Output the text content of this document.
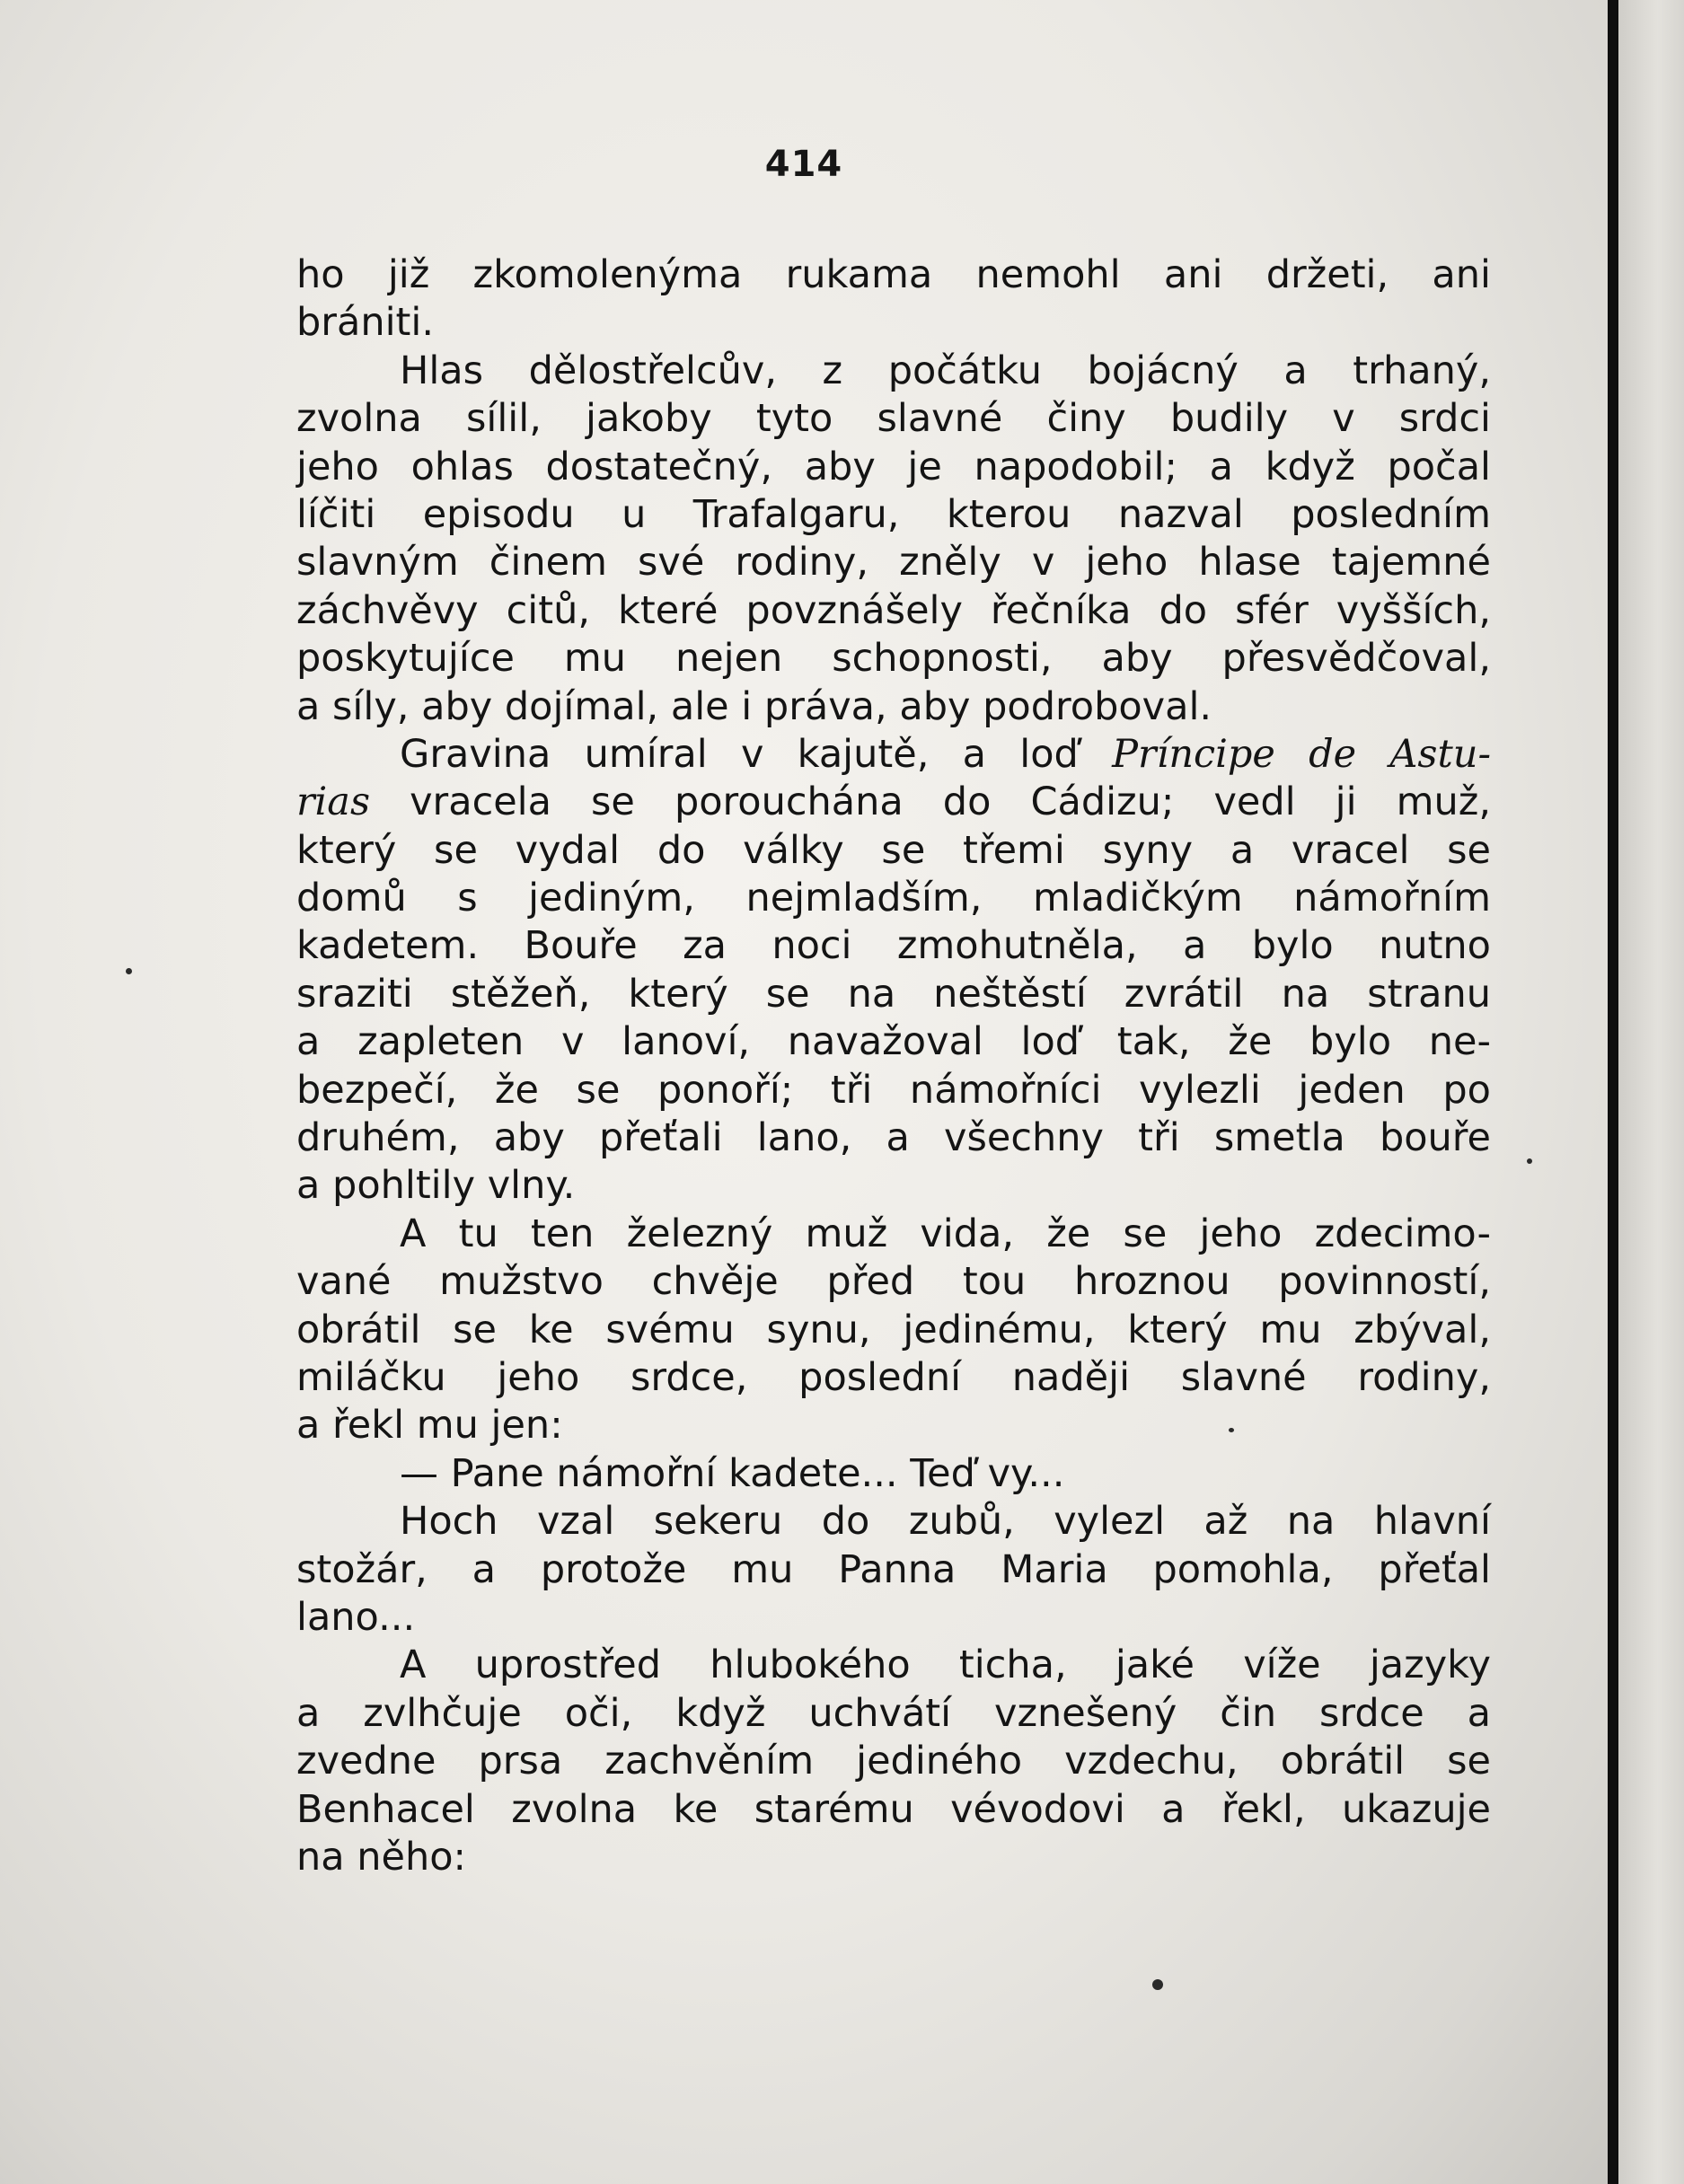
414
ho již zkomolenýma rukama nemohl ani držeti, ani
brániti.
Hlas dělostřelcův, z počátku bojácný a trhaný,
zvolna sílil, jakoby tyto slavné činy budily v srdci
jeho ohlas dostatečný, aby je napodobil; a když počal
líčiti episodu u Trafalgaru, kterou nazval posledním
slavným činem své rodiny, zněly v jeho hlase tajemné
záchvěvy citů, které povznášely řečníka do sfér vyšších,
poskytujíce mu nejen schopnosti, aby přesvědčoval,
a síly, aby dojímal, ale i práva, aby podroboval.
Gravina umíral v kajutě, a loď Príncipe de Astu-
rias vracela se porouchána do Cádizu; vedl ji muž,
který se vydal do války se třemi syny a vracel se
domů s jediným, nejmladším, mladičkým námořním
kadetem. Bouře za noci zmohutněla, a bylo nutno
sraziti stěžeň, který se na neštěstí zvrátil na stranu
a zapleten v lanoví, navažoval loď tak, že bylo ne-
bezpečí, že se ponoří; tři námořníci vylezli jeden po
druhém, aby přeťali lano, a všechny tři smetla bouře
a pohltily vlny.
A tu ten železný muž vida, že se jeho zdecimo-
vané mužstvo chvěje před tou hroznou povinností,
obrátil se ke svému synu, jedinému, který mu zbýval,
miláčku jeho srdce, poslední naději slavné rodiny,
a řekl mu jen:
— Pane námořní kadete... Teď vy...
Hoch vzal sekeru do zubů, vylezl až na hlavní
stožár, a protože mu Panna Maria pomohla, přeťal
lano...
A uprostřed hlubokého ticha, jaké víže jazyky
a zvlhčuje oči, když uchvátí vznešený čin srdce a
zvedne prsa zachvěním jediného vzdechu, obrátil se
Benhacel zvolna ke starému vévodovi a řekl, ukazuje
na něho:
